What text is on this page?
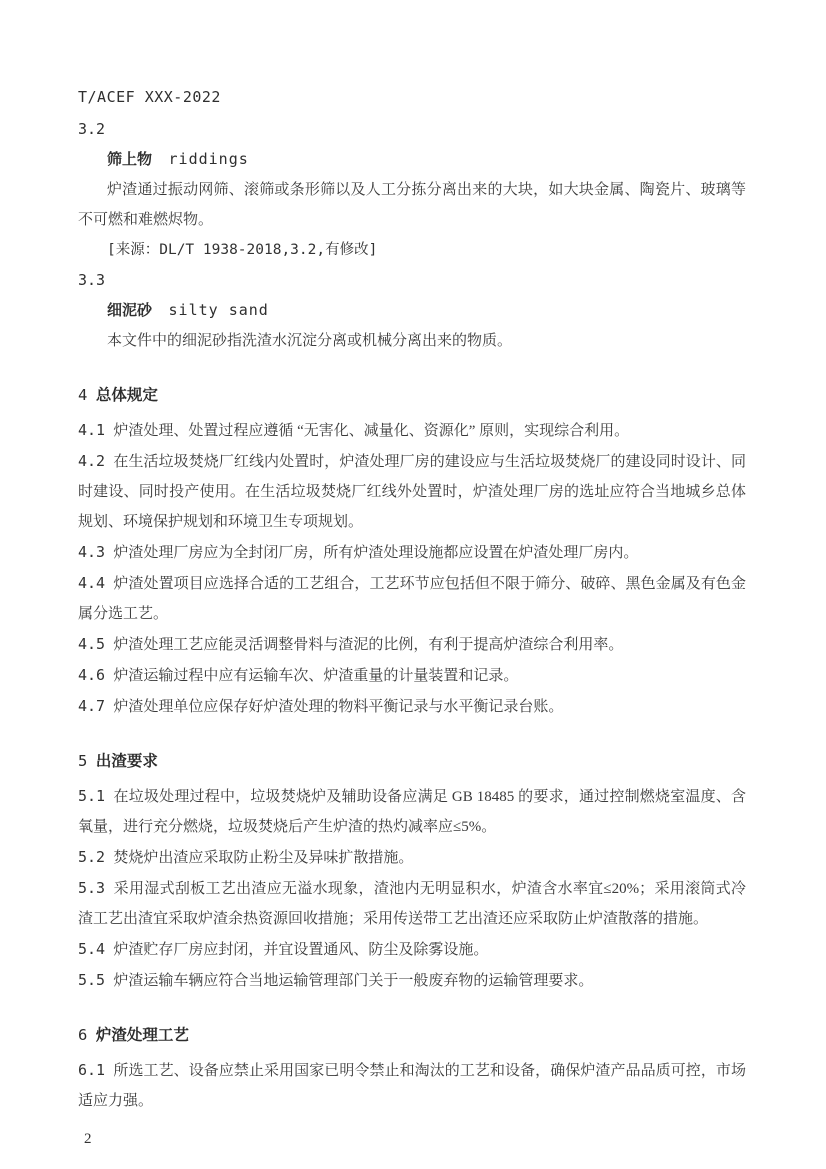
T/ACEF XXX-2022
3.2
筛上物 riddings

炉渣通过振动网筛、滚筛或条形筛以及人工分拣分离出来的大块，如大块金属、陶瓷片、玻璃等不可燃和难燃烬物。

[来源：DL/T 1938-2018,3.2,有修改]

3.3
细泥砂 silty sand

本文件中的细泥砂指洗渣水沉淀分离或机械分离出来的物质。

4 总体规定

4.1 炉渣处理、处置过程应遵循 “无害化、减量化、资源化” 原则，实现综合利用。

4.2 在生活垃圾焚烧厂红线内处置时，炉渣处理厂房的建设应与生活垃圾焚烧厂的建设同时设计、同时建设、同时投产使用。在生活垃圾焚烧厂红线外处置时，炉渣处理厂房的选址应符合当地城乡总体规划、环境保护规划和环境卫生专项规划。

4.3 炉渣处理厂房应为全封闭厂房，所有炉渣处理设施都应设置在炉渣处理厂房内。

4.4 炉渣处置项目应选择合适的工艺组合，工艺环节应包括但不限于筛分、破碎、黑色金属及有色金属分选工艺。

4.5 炉渣处理工艺应能灵活调整骨料与渣泥的比例，有利于提高炉渣综合利用率。

4.6 炉渣运输过程中应有运输车次、炉渣重量的计量装置和记录。

4.7 炉渣处理单位应保存好炉渣处理的物料平衡记录与水平衡记录台账。

5 出渣要求

5.1 在垃圾处理过程中，垃圾焚烧炉及辅助设备应满足 GB 18485 的要求，通过控制燃烧室温度、含氧量，进行充分燃烧，垃圾焚烧后产生炉渣的热灼减率应≤5%。

5.2 焚烧炉出渣应采取防止粉尘及异味扩散措施。

5.3 采用湿式刮板工艺出渣应无溢水现象，渣池内无明显积水，炉渣含水率宜≤20%；采用滚筒式冷渣工艺出渣宜采取炉渣余热资源回收措施；采用传送带工艺出渣还应采取防止炉渣散落的措施。

5.4 炉渣贮存厂房应封闭，并宜设置通风、防尘及除雾设施。

5.5 炉渣运输车辆应符合当地运输管理部门关于一般废弃物的运输管理要求。

6 炉渣处理工艺

6.1 所选工艺、设备应禁止采用国家已明令禁止和淘汰的工艺和设备，确保炉渣产品品质可控，市场适应力强。

2
